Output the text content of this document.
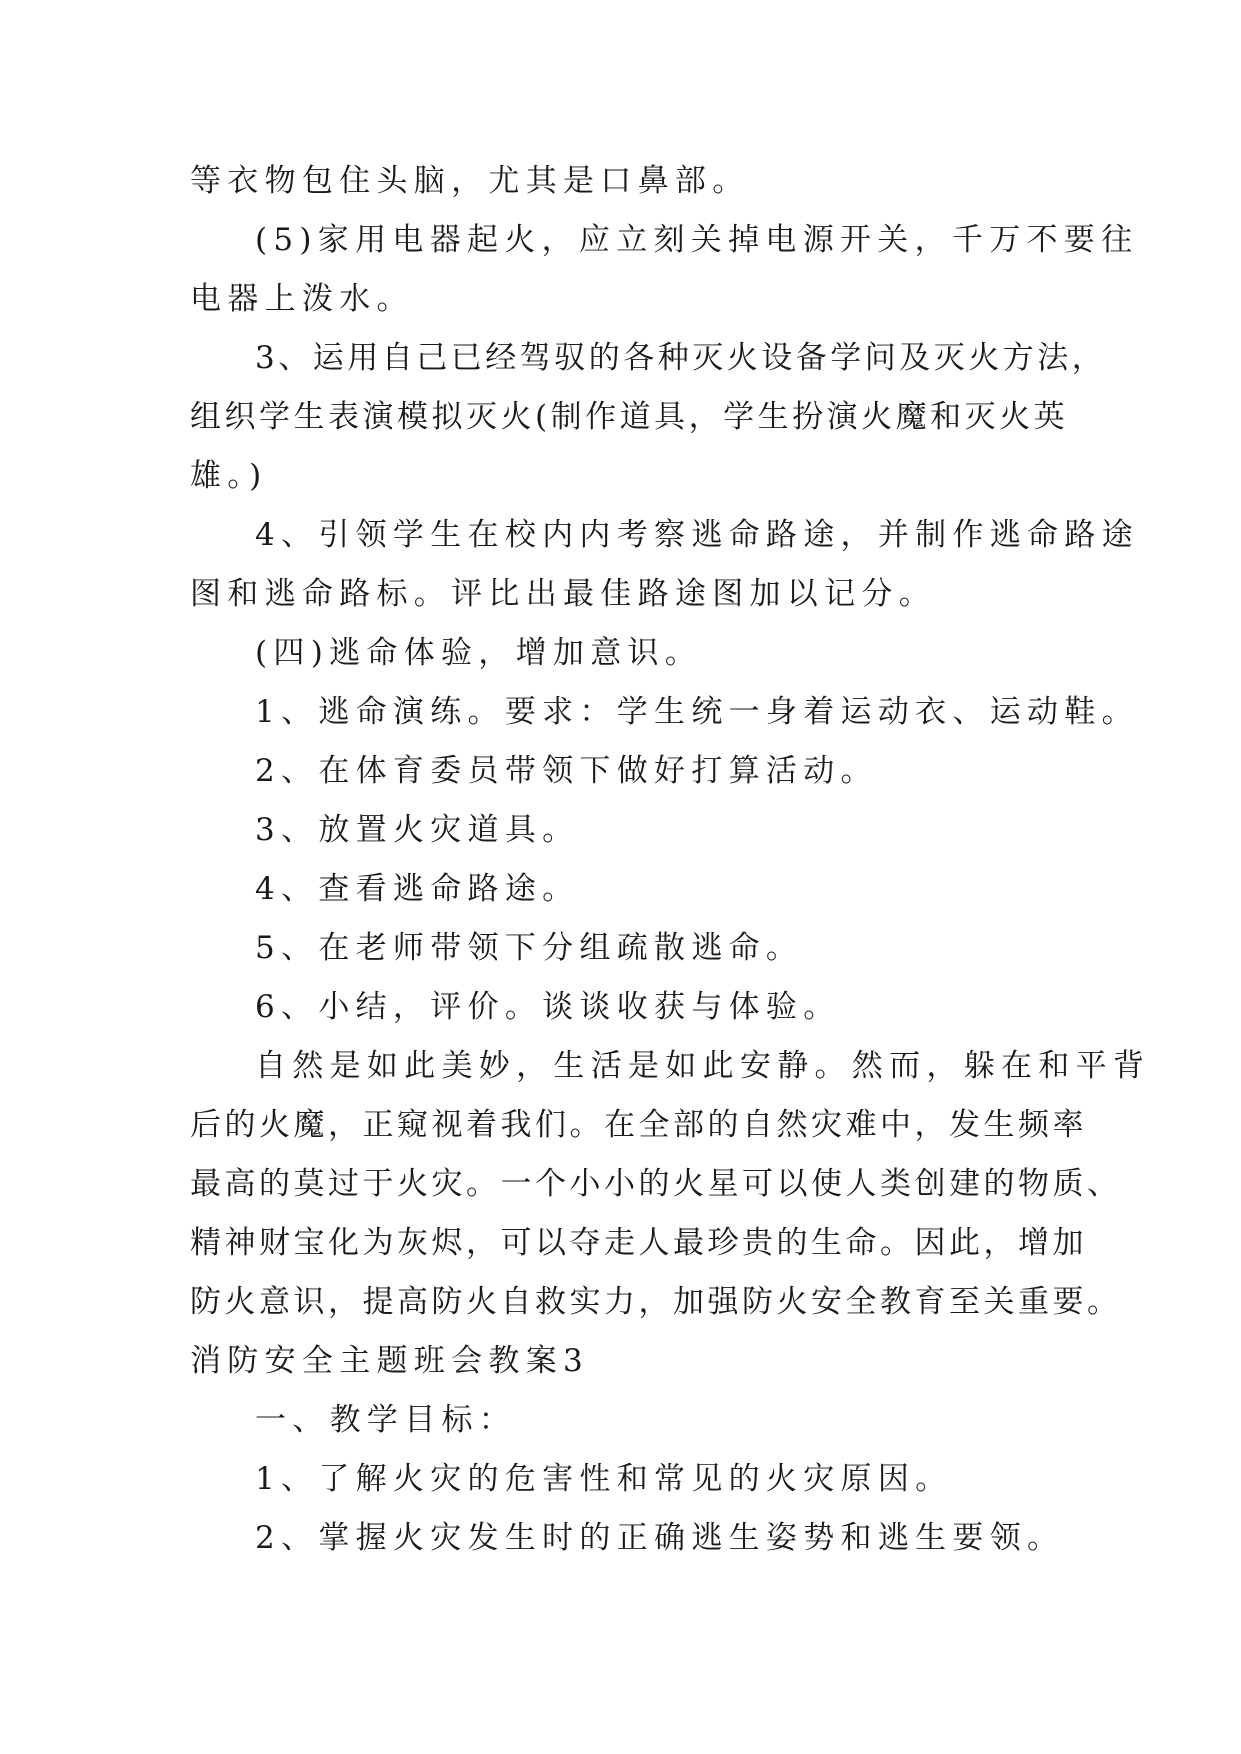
等衣物包住头脑，尤其是口鼻部。
(5)家用电器起火，应立刻关掉电源开关，千万不要往
电器上泼水。
3、运用自己已经驾驭的各种灭火设备学问及灭火方法，
组织学生表演模拟灭火(制作道具，学生扮演火魔和灭火英
雄。)
4、引领学生在校内内考察逃命路途，并制作逃命路途
图和逃命路标。评比出最佳路途图加以记分。
(四)逃命体验，增加意识。
1、逃命演练。要求：学生统一身着运动衣、运动鞋。
2、在体育委员带领下做好打算活动。
3、放置火灾道具。
4、查看逃命路途。
5、在老师带领下分组疏散逃命。
6、小结，评价。谈谈收获与体验。
自然是如此美妙，生活是如此安静。然而，躲在和平背
后的火魔，正窥视着我们。在全部的自然灾难中，发生频率
最高的莫过于火灾。一个小小的火星可以使人类创建的物质、
精神财宝化为灰烬，可以夺走人最珍贵的生命。因此，增加
防火意识，提高防火自救实力，加强防火安全教育至关重要。
消防安全主题班会教案3
一、教学目标：
1、了解火灾的危害性和常见的火灾原因。
2、掌握火灾发生时的正确逃生姿势和逃生要领。
